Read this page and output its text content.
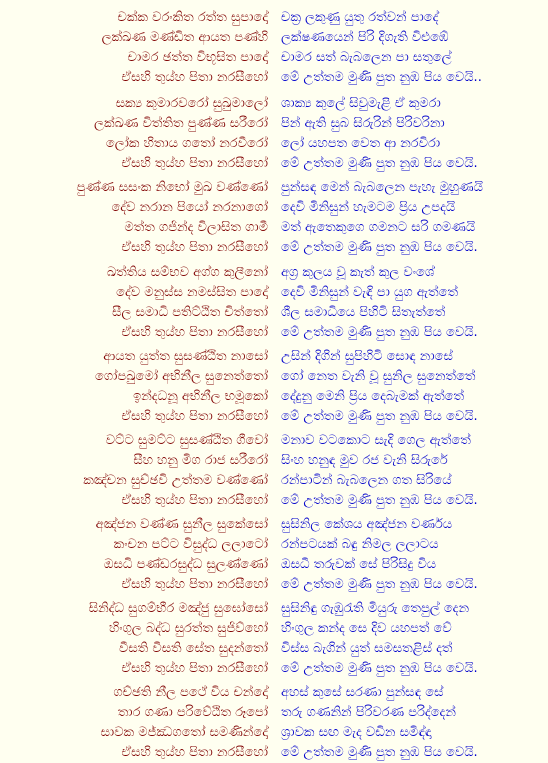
චක්ක වරංකිත රත්ත සුපාදෝ චක්‍ර ලකුණු යුතු රත්වන් පාදේ
ලක්ඛණ මණ්ඩිත ආයත පණ්හි ලක්ෂණයෙන් පිරි දිගැති විළුඹේ
චාමර ඡත්ත විභූසිත පාදෝ චාමර සත් බැබලෙන පා සතුලේ
ඒසහි තුය්හ පිතා නරසීහෝ මේ උත්තම මුණි පුත නුඹ පිය වෙයි..
සක්‍ය කුමාරවරෝ සුඛුමාලෝ ශාක්‍ය කුලේ සිවුමැළි ඒ කුමරා
ලක්ඛණ විත්තිත පුණ්ණ සරීරෝ පින් ඇති සුබ සිරුරින් පිරිවරිනා
ලෝක හිතාය ගතෝ නරවීරෝ ලෝ යහපත වෙත ආ නරවිරා
ඒසහි තුය්හ පිතා නරසීහෝ මේ උත්තම මුණි පුත නුඹ පිය වෙයි.
පුණ්ණ සසංක නිභෝ මුඛ වණ්ණෝ පුන්සඳ මෙන් බැබලෙන පැහැ මුහුණයි
දේව නරාන පියෝ නරනාගෝ දෙවි මිනිසුන් හැමටම ප්‍රිය උපදයි
මත්ත ගජින්ද විලාසිත ගාමී මත් ඇතෙකුගෙ ගමනට සරි ගමණයි
ඒසහි තුය්හ පිතා නරසීහෝ මේ උත්තම මුණි පුත නුඹ පිය වෙයි.
ඛත්තිය සම්භව අග්ග කුලීනෝ අග්‍ර කුලය වූ කැත් කුල වංශේ
දේව මනුස්ස නමස්සිත පාදෝ දෙවි මිනිසුන් වැඳි පා යුග ඇත්තේ
සීල සමාධි පතිට්ඨිත චිත්තෝ ශීල සමාධියෙ පිහිටි සිතැත්තේ
ඒසහි තුය්හ පිතා නරසීහෝ මේ උත්තම මුණි පුත නුඹ පිය වෙයි.
ආයත යුත්ත සුසණ්ඨිත නාසෝ උසින් දිගින් සුපිහිටි සොඳ නාසේ
ගෝපඛුමෝ අභිනීල සුනෙත්තෝ ගෝ නෙත වැනි වූ සුනිල සුනෙත්තේ
ඉන්දධනූ අභිනීල භමූකෝ දේදුනු මෙනි ප්‍රිය දෙබැමක් ඇත්තේ
ඒසහි තුය්හ පිතා නරසීහෝ මේ උත්තම මුණි පුත නුඹ පිය වෙයි.
වට්ට සුමට්ට සුසණ්ඨිත ගීවෝ මනාව වටකොට සැදි ගෙල ඇත්තේ
සීහ හනු මිග රාජ සරීරෝ සිංහ හනුඳ මුව රජ වැනි සිරුරේ
කඤ්චන සුච්ඡවි උත්තම වණ්ණෝ රන්පාටින් බැබලෙන ගත සිරියේ
ඒසහි තුය්හ පිතා නරසීහෝ මේ උත්තම මුණි පුත නුඹ පිය වෙයි.
අඤ්ජන වණ්ණ සුනීල සුකේසෝ සුසිනිල කේශය අඤ්ජන වර්ණය
කංචන පට්ට විසුද්ධ ලලාටෝ රන්පටයක් බඳු නිමල ලලාටය
ඔසධි පණ්ඩරසුද්ධ සුලණ්ණෝ ඔසධී තරුවක් සේ පිරිසිදු විය
ඒසහි තුය්හ පිතා නරසීහෝ මේ උත්තම මුණි පුත නුඹ පිය වෙයි.
සිනිද්ධ සුගම්භීර මඤ්ජු සුඝෝසෝ සුසිනිඳු ගැඹුරැති මියුරු තෙපුල් දෙන
හිංගුල බද්ධ සුරත්ත සුජිව්හෝ හිංගුල කන්ද සෙ දිව යහපත් වේ
වීසති වීසති සේත සුදන්තෝ විස්ස බැගින් යුත් සමසතළිස් දත්
ඒසහි තුය්හ පිතා නරසීහෝ මේ උත්තම මුණි පුත නුඹ පිය වෙයි.
ගච්ඡති නීල පථේ විය චන්දෝ අහස් කුසේ සරණා පුන්සඳ සේ
තාර ගණා පරිවේඨිත රූපෝ තරු ගණනින් පිරිවරණ පරිද්දෙන්
සාවක මජ්ඣගතෝ සමණින්දෝ ශ්‍රාවක සඟ මැද වඩින සමිඳ්ඳා
ඒසහි තුය්හ පිතා නරසීහෝ මේ උත්තම මුණි පුත නුඹ පිය වෙයි.
